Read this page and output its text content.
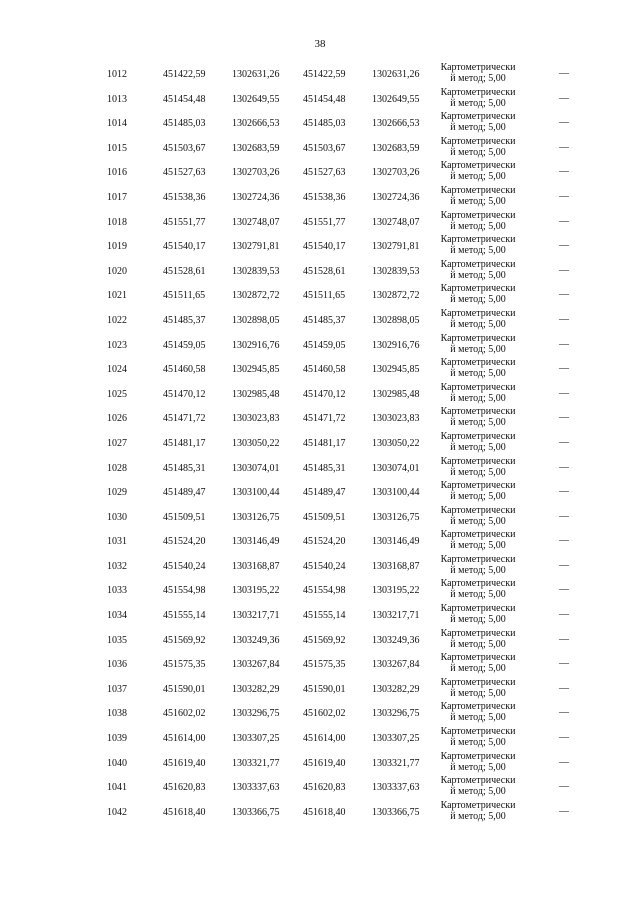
38
1012	451422,59	1302631,26 451422,59	1302631,26
Картометрически
й метод; 5,00	—
1013	451454,48	1302649,55 451454,48	1302649,55
Картометрически
й метод; 5,00	—
1014	451485,03	1302666,53 451485,03	1302666,53
Картометрически
й метод; 5,00	—
1015	451503,67	1302683,59 451503,67	1302683,59
Картометрически
й метод; 5,00	—
1016	451527,63	1302703,26 451527,63	1302703,26
Картометрически
й метод; 5,00	—
1017	451538,36	1302724,36 451538,36	1302724,36
Картометрически
й метод; 5,00	—
1018	451551,77	1302748,07 451551,77	1302748,07
Картометрически
й метод; 5,00	—
1019	451540,17	1302791,81 451540,17	1302791,81
Картометрически
й метод; 5,00	—
1020	451528,61	1302839,53 451528,61	1302839,53
Картометрически
й метод; 5,00	—
1021	451511,65	1302872,72 451511,65	1302872,72
Картометрически
й метод; 5,00	—
1022	451485,37	1302898,05 451485,37	1302898,05
Картометрически
й метод; 5,00	—
1023	451459,05	1302916,76 451459,05	1302916,76
Картометрически
й метод; 5,00	—
1024	451460,58	1302945,85 451460,58	1302945,85
Картометрически
й метод; 5,00	—
1025	451470,12	1302985,48 451470,12	1302985,48
Картометрически
й метод; 5,00	—
1026	451471,72	1303023,83 451471,72	1303023,83
Картометрически
й метод; 5,00	—
1027	451481,17	1303050,22 451481,17	1303050,22
Картометрически
й метод; 5,00	—
1028	451485,31	1303074,01 451485,31	1303074,01
Картометрически
й метод; 5,00	—
1029	451489,47	1303100,44 451489,47	1303100,44
Картометрически
й метод; 5,00	—
1030	451509,51	1303126,75 451509,51	1303126,75
Картометрически
й метод; 5,00	—
1031	451524,20	1303146,49 451524,20	1303146,49
Картометрически
й метод; 5,00	—
1032	451540,24	1303168,87 451540,24	1303168,87
Картометрически
й метод; 5,00	—
1033	451554,98	1303195,22 451554,98	1303195,22
Картометрически
й метод; 5,00	—
1034	451555,14	1303217,71 451555,14	1303217,71
Картометрически
й метод; 5,00	—
1035	451569,92	1303249,36 451569,92	1303249,36
Картометрически
й метод; 5,00	—
1036	451575,35	1303267,84 451575,35	1303267,84
Картометрически
й метод; 5,00	—
1037	451590,01	1303282,29 451590,01	1303282,29
Картометрически
й метод; 5,00	—
1038	451602,02	1303296,75 451602,02	1303296,75
Картометрически
й метод; 5,00	—
1039	451614,00	1303307,25 451614,00	1303307,25
Картометрически
й метод; 5,00	—
1040	451619,40	1303321,77 451619,40	1303321,77
Картометрически
й метод; 5,00	—
1041	451620,83	1303337,63 451620,83	1303337,63
Картометрически
й метод; 5,00	—
1042	451618,40	1303366,75 451618,40	1303366,75
Картометрически
й метод; 5,00	—
